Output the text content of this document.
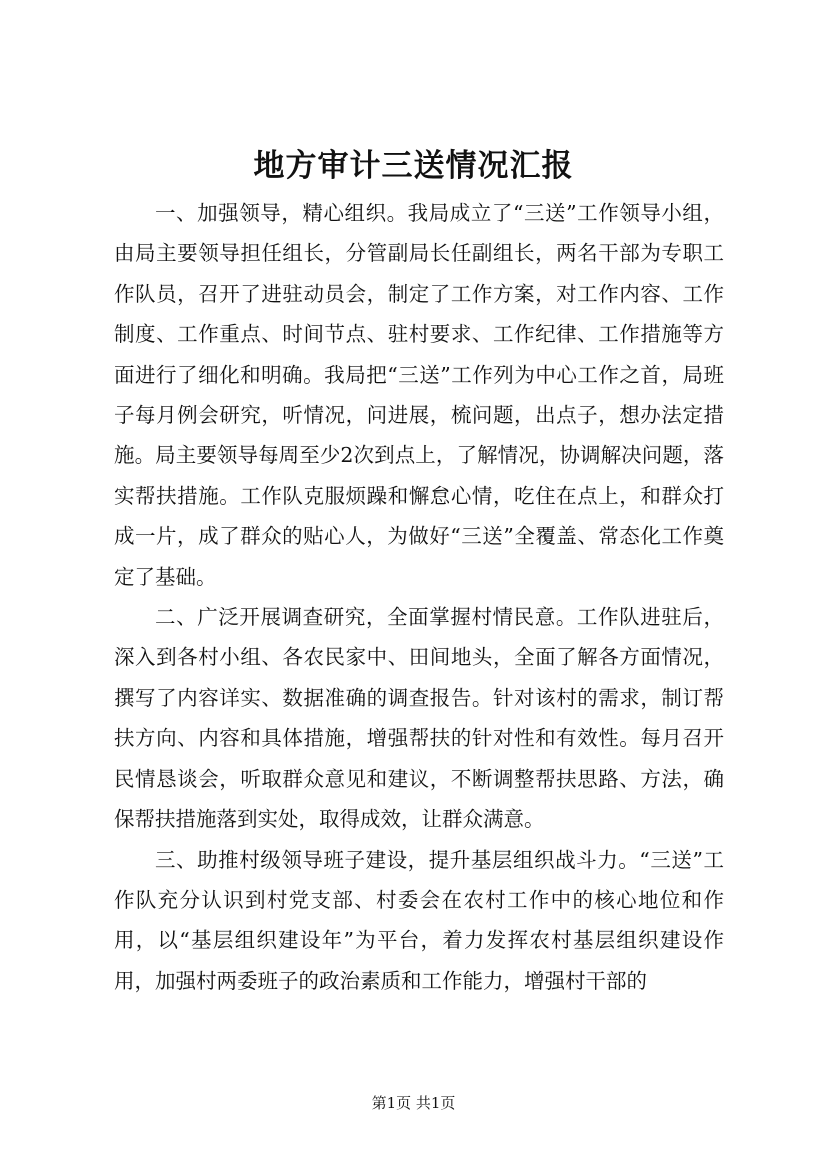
地方审计三送情况汇报

一、加强领导，精心组织。我局成立了“三送”工作领导小组，由局主要领导担任组长，分管副局长任副组长，两名干部为专职工作队员，召开了进驻动员会，制定了工作方案，对工作内容、工作制度、工作重点、时间节点、驻村要求、工作纪律、工作措施等方面进行了细化和明确。我局把“三送”工作列为中心工作之首，局班子每月例会研究，听情况，问进展，梳问题，出点子，想办法定措施。局主要领导每周至少2次到点上，了解情况，协调解决问题，落实帮扶措施。工作队克服烦躁和懈怠心情，吃住在点上，和群众打成一片，成了群众的贴心人，为做好“三送”全覆盖、常态化工作奠定了基础。

二、广泛开展调查研究，全面掌握村情民意。工作队进驻后，深入到各村小组、各农民家中、田间地头，全面了解各方面情况，撰写了内容详实、数据准确的调查报告。针对该村的需求，制订帮扶方向、内容和具体措施，增强帮扶的针对性和有效性。每月召开民情恳谈会，听取群众意见和建议，不断调整帮扶思路、方法，确保帮扶措施落到实处，取得成效，让群众满意。

三、助推村级领导班子建设，提升基层组织战斗力。“三送”工作队充分认识到村党支部、村委会在农村工作中的核心地位和作用，以“基层组织建设年”为平台，着力发挥农村基层组织建设作用，加强村两委班子的政治素质和工作能力，增强村干部的

第1页 共1页
